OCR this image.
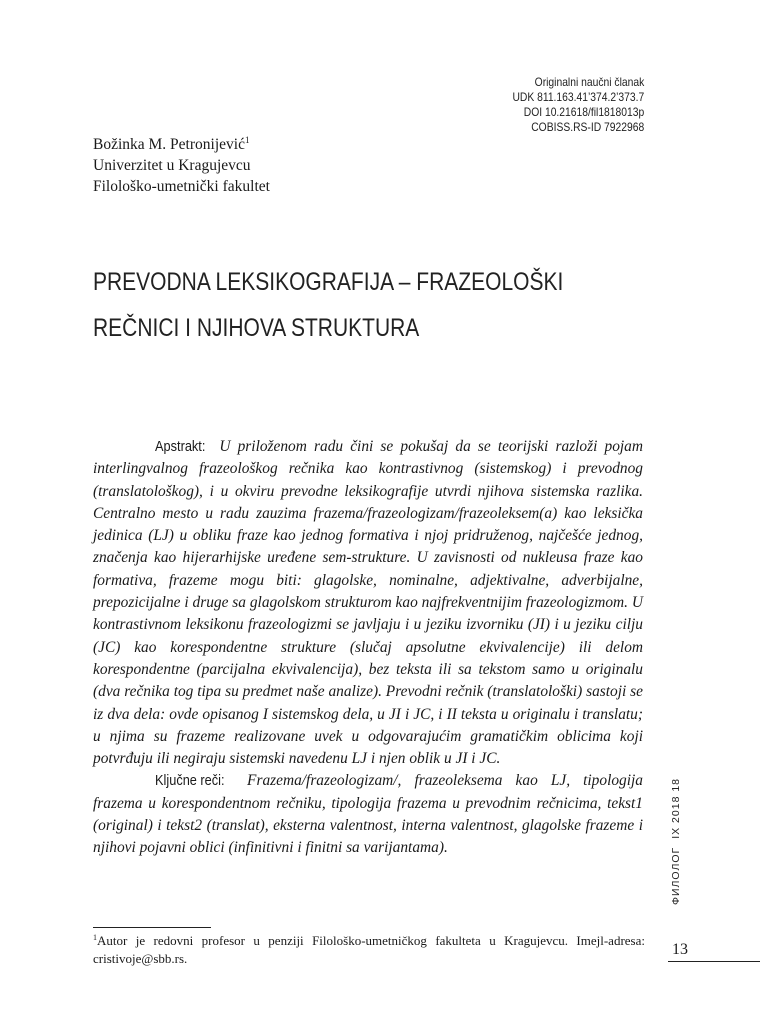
Originalni naučni članak
UDK 811.163.41’374.2’373.7
DOI 10.21618/fil1818013p
COBISS.RS-ID 7922968
Božinka M. Petronijević$^1$
Univerzitet u Kragujevcu
Filološko-umetnički fakultet
PREVODNA LEKSIKOGRAFIJA – FRAZEOLOŠKI
REČNICI I NJIHOVA STRUKTURA

Apstrakt: U priloženom radu čini se pokušaj da se teorijski razloži pojam interlingvalnog frazeološkog rečnika kao kontrastivnog (sistemskog) i prevodnog (translatološkog), i u okviru prevodne leksikografije utvrdi njihova sistemska razlika. Centralno mesto u radu zauzima frazema/frazeologizam/frazeoleksem(a) kao leksička jedinica (LJ) u obliku fraze kao jednog formativa i njoj pridruženog, najčešće jednog, značenja kao hijerarhijske uređene sem-strukture. U zavisnosti od nukleusa fraze kao formativa, frazeme mogu biti: glagolske, nominalne, adjektivalne, adverbijalne, prepozicijalne i druge sa glagolskom strukturom kao najfrekventnijim frazeologizmom. U kontrastivnom leksikonu frazeologizmi se javljaju i u jeziku izvorniku (JI) i u jeziku cilju (JC) kao korespondentne strukture (slučaj apsolutne ekvivalencije) ili delom korespondentne (parcijalna ekvivalencija), bez teksta ili sa tekstom samo u originalu (dva rečnika tog tipa su predmet naše analize). Prevodni rečnik (translatološki) sastoji se iz dva dela: ovde opisanog I sistemskog dela, u JI i JC, i II teksta u originalu i translatu; u njima su frazeme realizovane uvek u odgovarajućim gramatičkim oblicima koji potvrđuju ili negiraju sistemski navedenu LJ i njen oblik u JI i JC.

Ključne reči: Frazema/frazeologizam/, frazeoleksema kao LJ, tipologija frazema u korespondentnom rečniku, tipologija frazema u prevodnim rečnicima, tekst1 (original) i tekst2 (translat), eksterna valentnost, interna valentnost, glagolske frazeme i njihovi pojavni oblici (infinitivni i finitni sa varijantama).	ФИЛОЛОГIX 2018 18
$^1$Autor je redovni profesor u penziji Filološko-umetničkog fakulteta u Kragujevcu. Imejl-adresa: cristivoje@sbb.rs.
13
